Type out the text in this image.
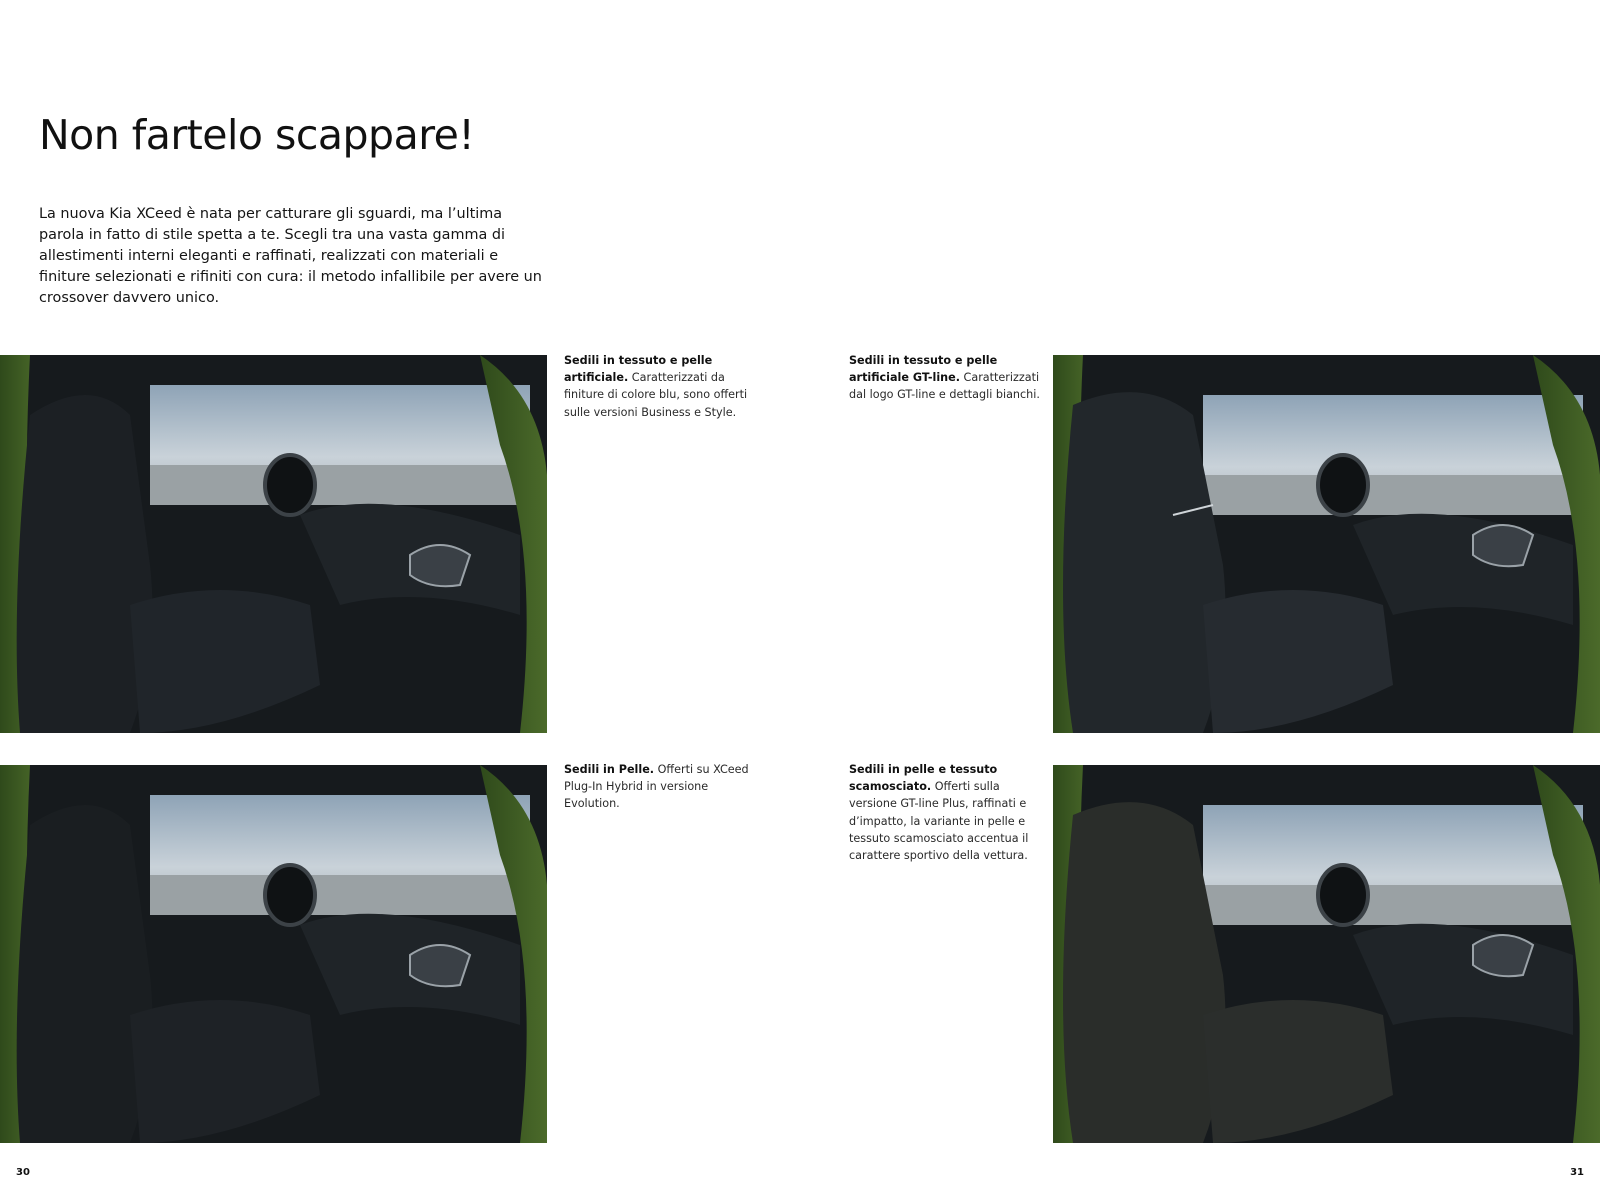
Non fartelo scappare!

La nuova Kia XCeed è nata per catturare gli sguardi, ma l’ultima parola in fatto di stile spetta a te. Scegli tra una vasta gamma di allestimenti interni eleganti e raffinati, realizzati con materiali e finiture selezionati e rifiniti con cura: il metodo infallibile per avere un crossover davvero unico.

Sedili in tessuto e pelle artificiale. Caratterizzati da finiture di colore blu, sono offerti sulle versioni Business e Style.

Sedili in tessuto e pelle artificiale GT-line. Caratterizzati dal logo GT-line e dettagli bianchi.

Sedili in Pelle. Offerti su XCeed Plug-In Hybrid in versione Evolution.

Sedili in pelle e tessuto scamosciato. Offerti sulla versione GT-line Plus, raffinati e d’impatto, la variante in pelle e tessuto scamosciato accentua il carattere sportivo della vettura.

30	31
